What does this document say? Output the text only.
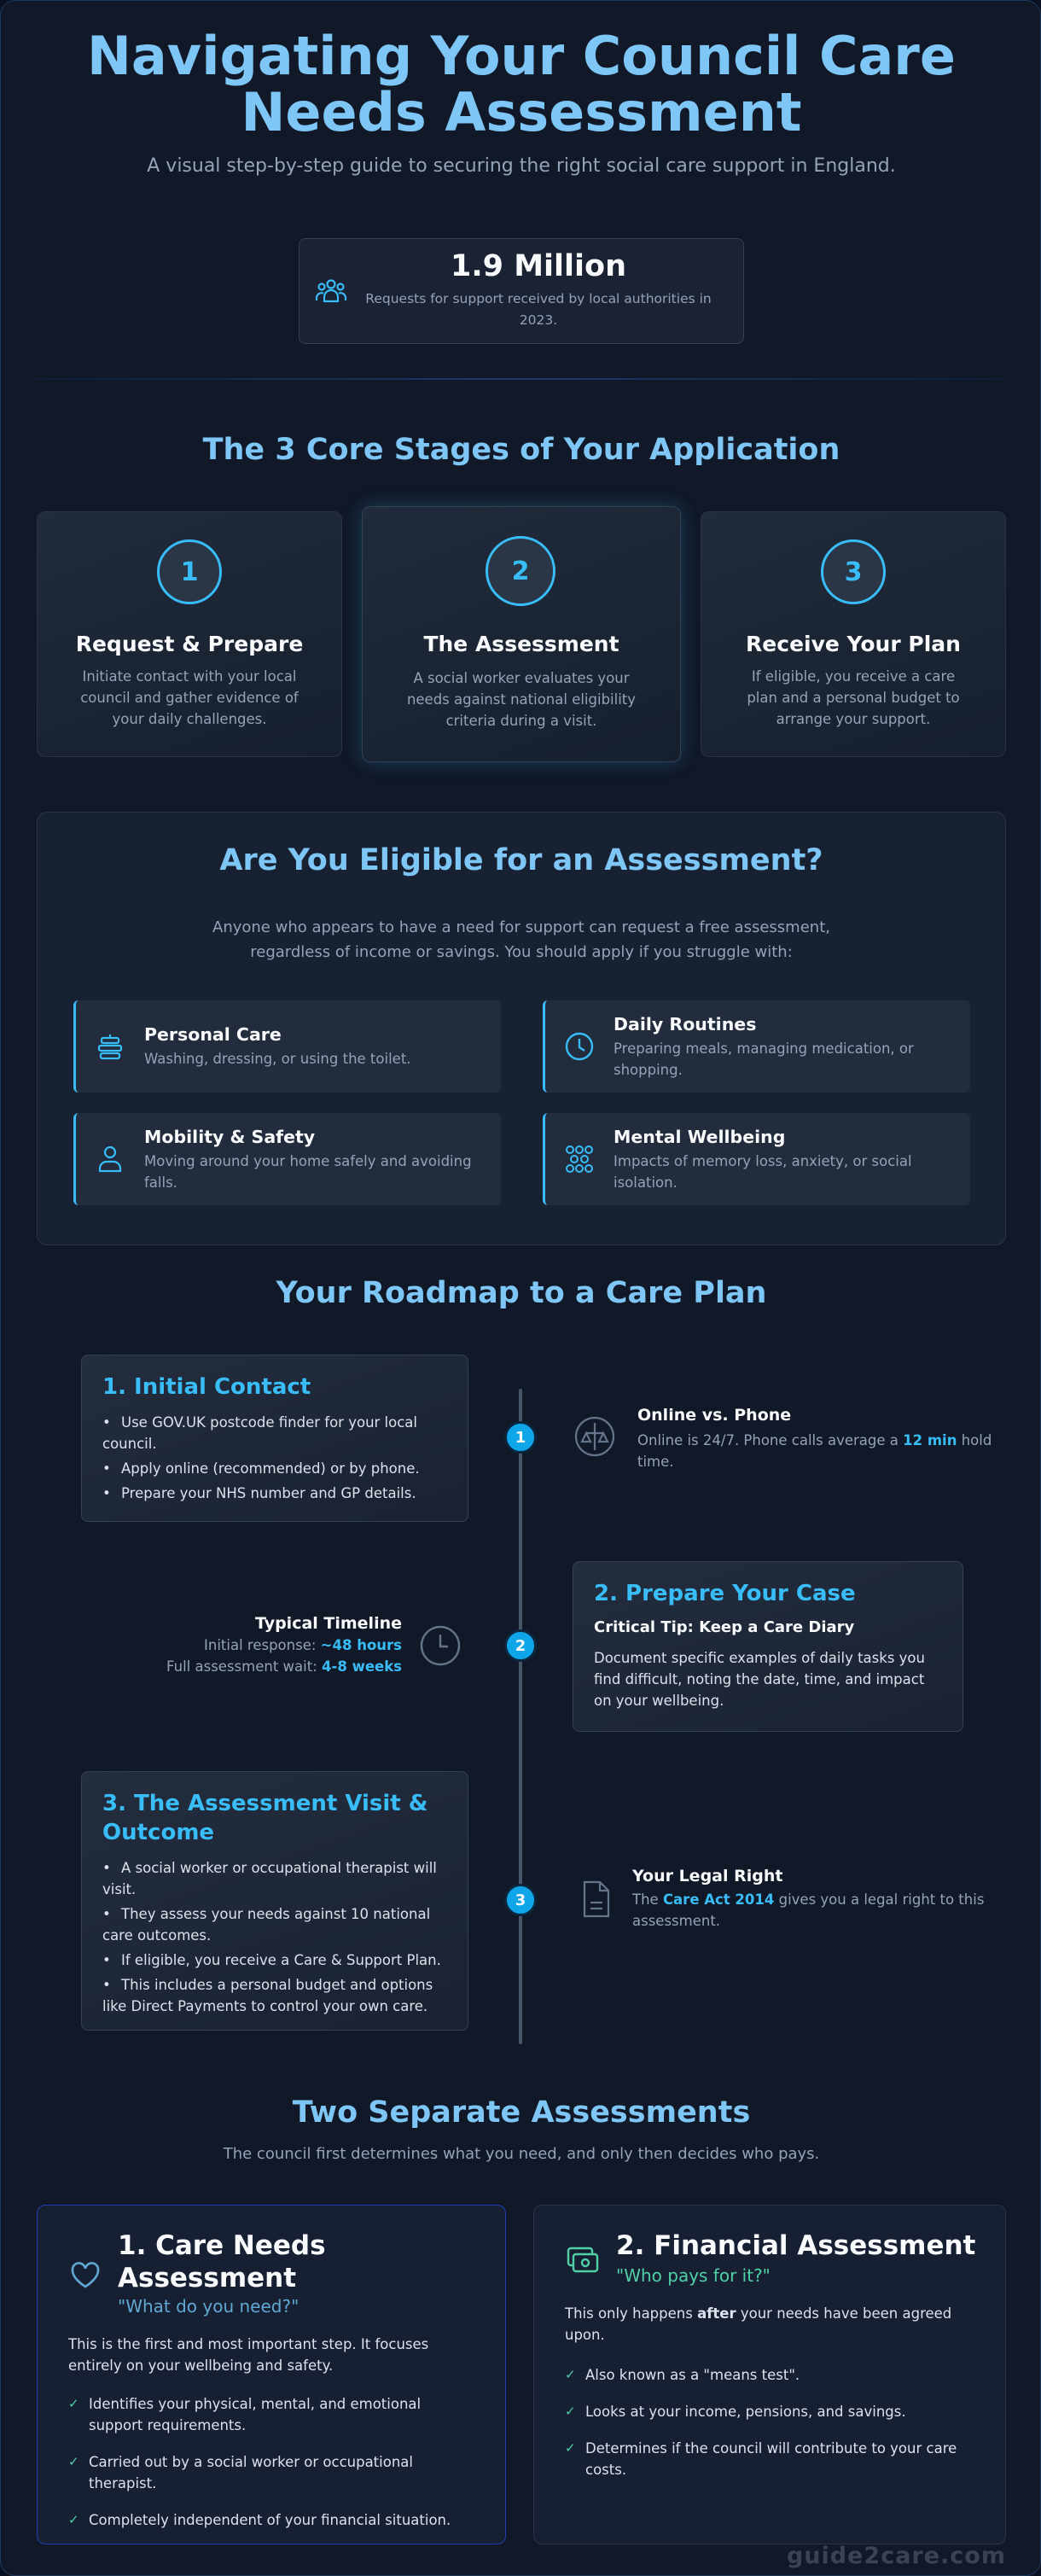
Navigating Your Council Care
Needs Assessment
A visual step-by-step guide to securing the right social care support in England.
1.9 Million
Requests for support received by local authorities in 2023.
The 3 Core Stages of Your Application
1
Request & Prepare
Initiate contact with your local council and gather evidence of your daily challenges.
2
The Assessment
A social worker evaluates your needs against national eligibility criteria during a visit.
3
Receive Your Plan
If eligible, you receive a care plan and a personal budget to arrange your support.
Are You Eligible for an Assessment?
Anyone who appears to have a need for support can request a free assessment, regardless of income or savings. You should apply if you struggle with:
Personal Care
Washing, dressing, or using the toilet.
Daily Routines
Preparing meals, managing medication, or shopping.
Mobility & Safety
Moving around your home safely and avoiding falls.
Mental Wellbeing
Impacts of memory loss, anxiety, or social isolation.
Your Roadmap to a Care Plan
1. Initial Contact
• Use GOV.UK postcode finder for your local council.
• Apply online (recommended) or by phone.
• Prepare your NHS number and GP details.
1
Online vs. Phone
Online is 24/7. Phone calls average a 12 min hold time.
Typical Timeline
Initial response: ~48 hours
Full assessment wait: 4-8 weeks
2
2. Prepare Your Case
Critical Tip: Keep a Care Diary
Document specific examples of daily tasks you find difficult, noting the date, time, and impact on your wellbeing.
3. The Assessment Visit & Outcome
• A social worker or occupational therapist will visit.
• They assess your needs against 10 national care outcomes.
• If eligible, you receive a Care & Support Plan.
• This includes a personal budget and options like Direct Payments to control your own care.
3
Your Legal Right
The Care Act 2014 gives you a legal right to this assessment.
Two Separate Assessments
The council first determines what you need, and only then decides who pays.
1. Care Needs Assessment
"What do you need?"
This is the first and most important step. It focuses entirely on your wellbeing and safety.
✓ Identifies your physical, mental, and emotional support requirements.
✓ Carried out by a social worker or occupational therapist.
✓ Completely independent of your financial situation.
2. Financial Assessment
"Who pays for it?"
This only happens after your needs have been agreed upon.
✓ Also known as a "means test".
✓ Looks at your income, pensions, and savings.
✓ Determines if the council will contribute to your care costs.
guide2care.com
